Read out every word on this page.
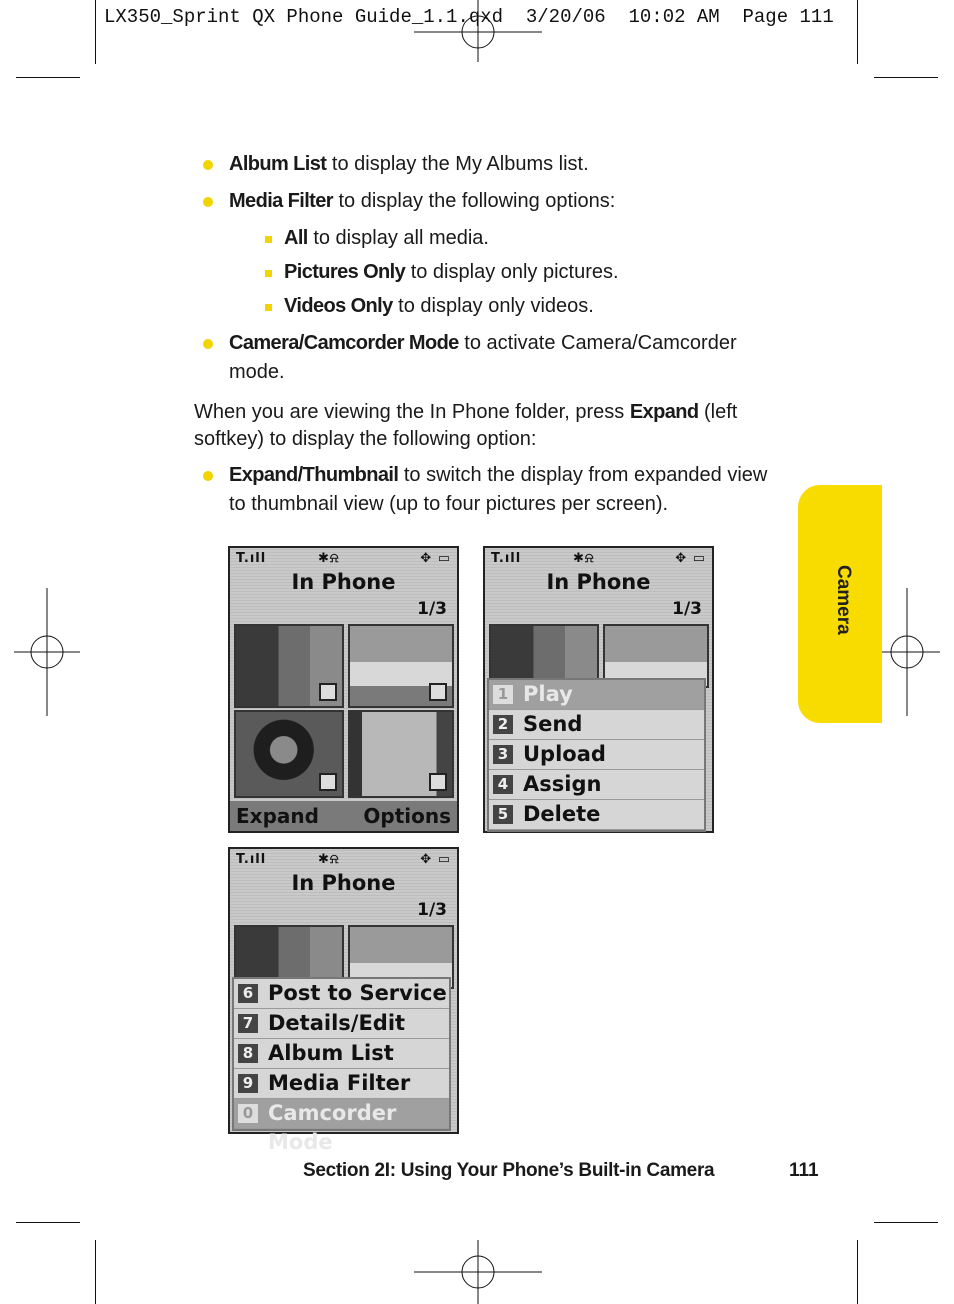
LX350_Sprint QX Phone Guide_1.1.qxd  3/20/06  10:02 AM  Page 111
Album List to display the My Albums list.
Media Filter to display the following options:
All to display all media.
Pictures Only to display only pictures.
Videos Only to display only videos.
Camera/Camcorder Mode to activate Camera/Camcorder mode.
When you are viewing the In Phone folder, press Expand (left softkey) to display the following option:
Expand/Thumbnail to switch the display from expanded view to thumbnail view (up to four pictures per screen).
Camera
T.ıll	✱⍾	✥ ▭
In Phone
1/3
Expand Options
T.ıll	✱⍾	✥ ▭
In Phone
1/3
1 Play
2 Send
3 Upload
4 Assign
5 Delete
T.ıll	✱⍾	✥ ▭
In Phone
1/3
6 Post to Service
7 Details/Edit
8 Album List
9 Media Filter
0 Camcorder Mode
Section 2I: Using Your Phone’s Built-in Camera	111
